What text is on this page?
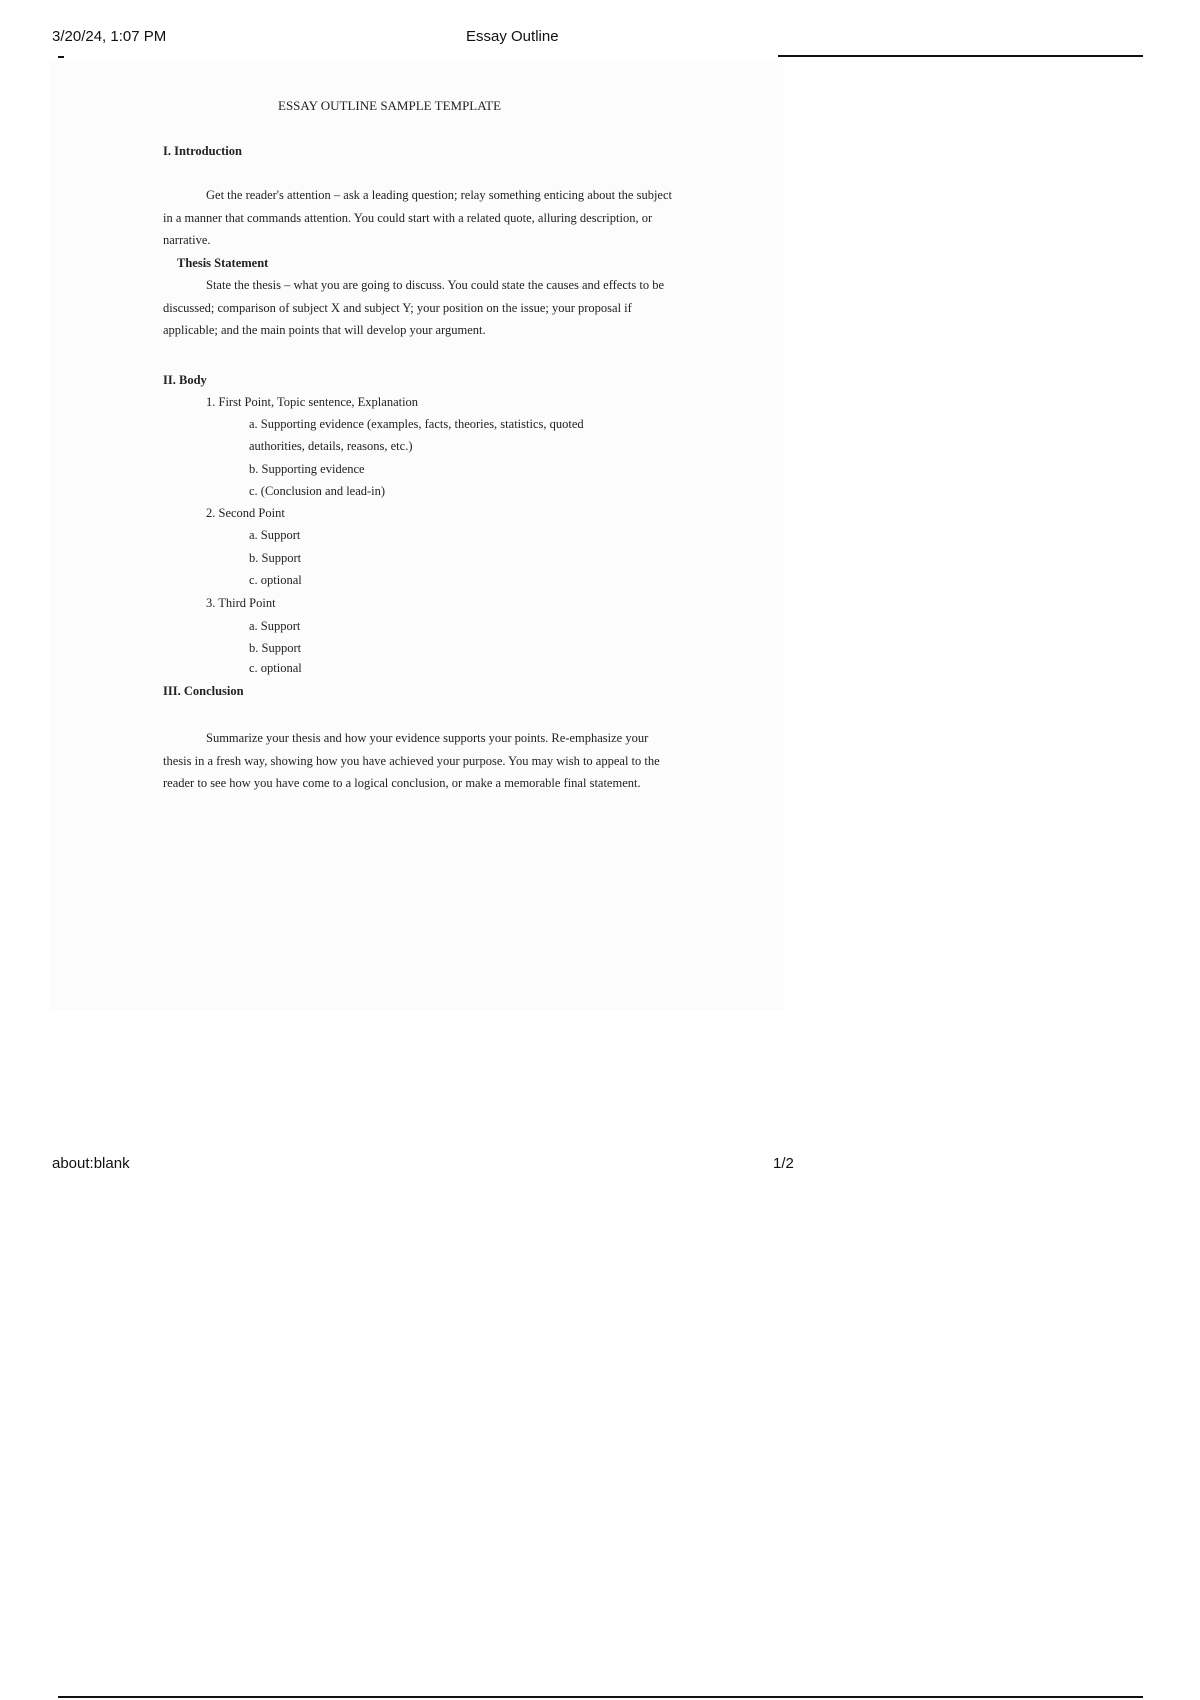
3/20/24, 1:07 PM	Essay Outline
ESSAY OUTLINE SAMPLE TEMPLATE
I. Introduction

Get the reader's attention – ask a leading question; relay something enticing about the subject in a manner that commands attention. You could start with a related quote, alluring description, or narrative.

Thesis Statement

State the thesis – what you are going to discuss. You could state the causes and effects to be discussed; comparison of subject X and subject Y; your position on the issue; your proposal if applicable; and the main points that will develop your argument.

II. Body
1. First Point, Topic sentence, Explanation
a. Supporting evidence (examples, facts, theories, statistics, quoted
authorities, details, reasons, etc.)
b. Supporting evidence
c. (Conclusion and lead-in)
2. Second Point
a. Support
b. Support
c. optional
3. Third Point
a. Support
b. Support
c. optional
III. Conclusion

Summarize your thesis and how your evidence supports your points. Re-emphasize your thesis in a fresh way, showing how you have achieved your purpose. You may wish to appeal to the reader to see how you have come to a logical conclusion, or make a memorable final statement.

about:blank	1/2
